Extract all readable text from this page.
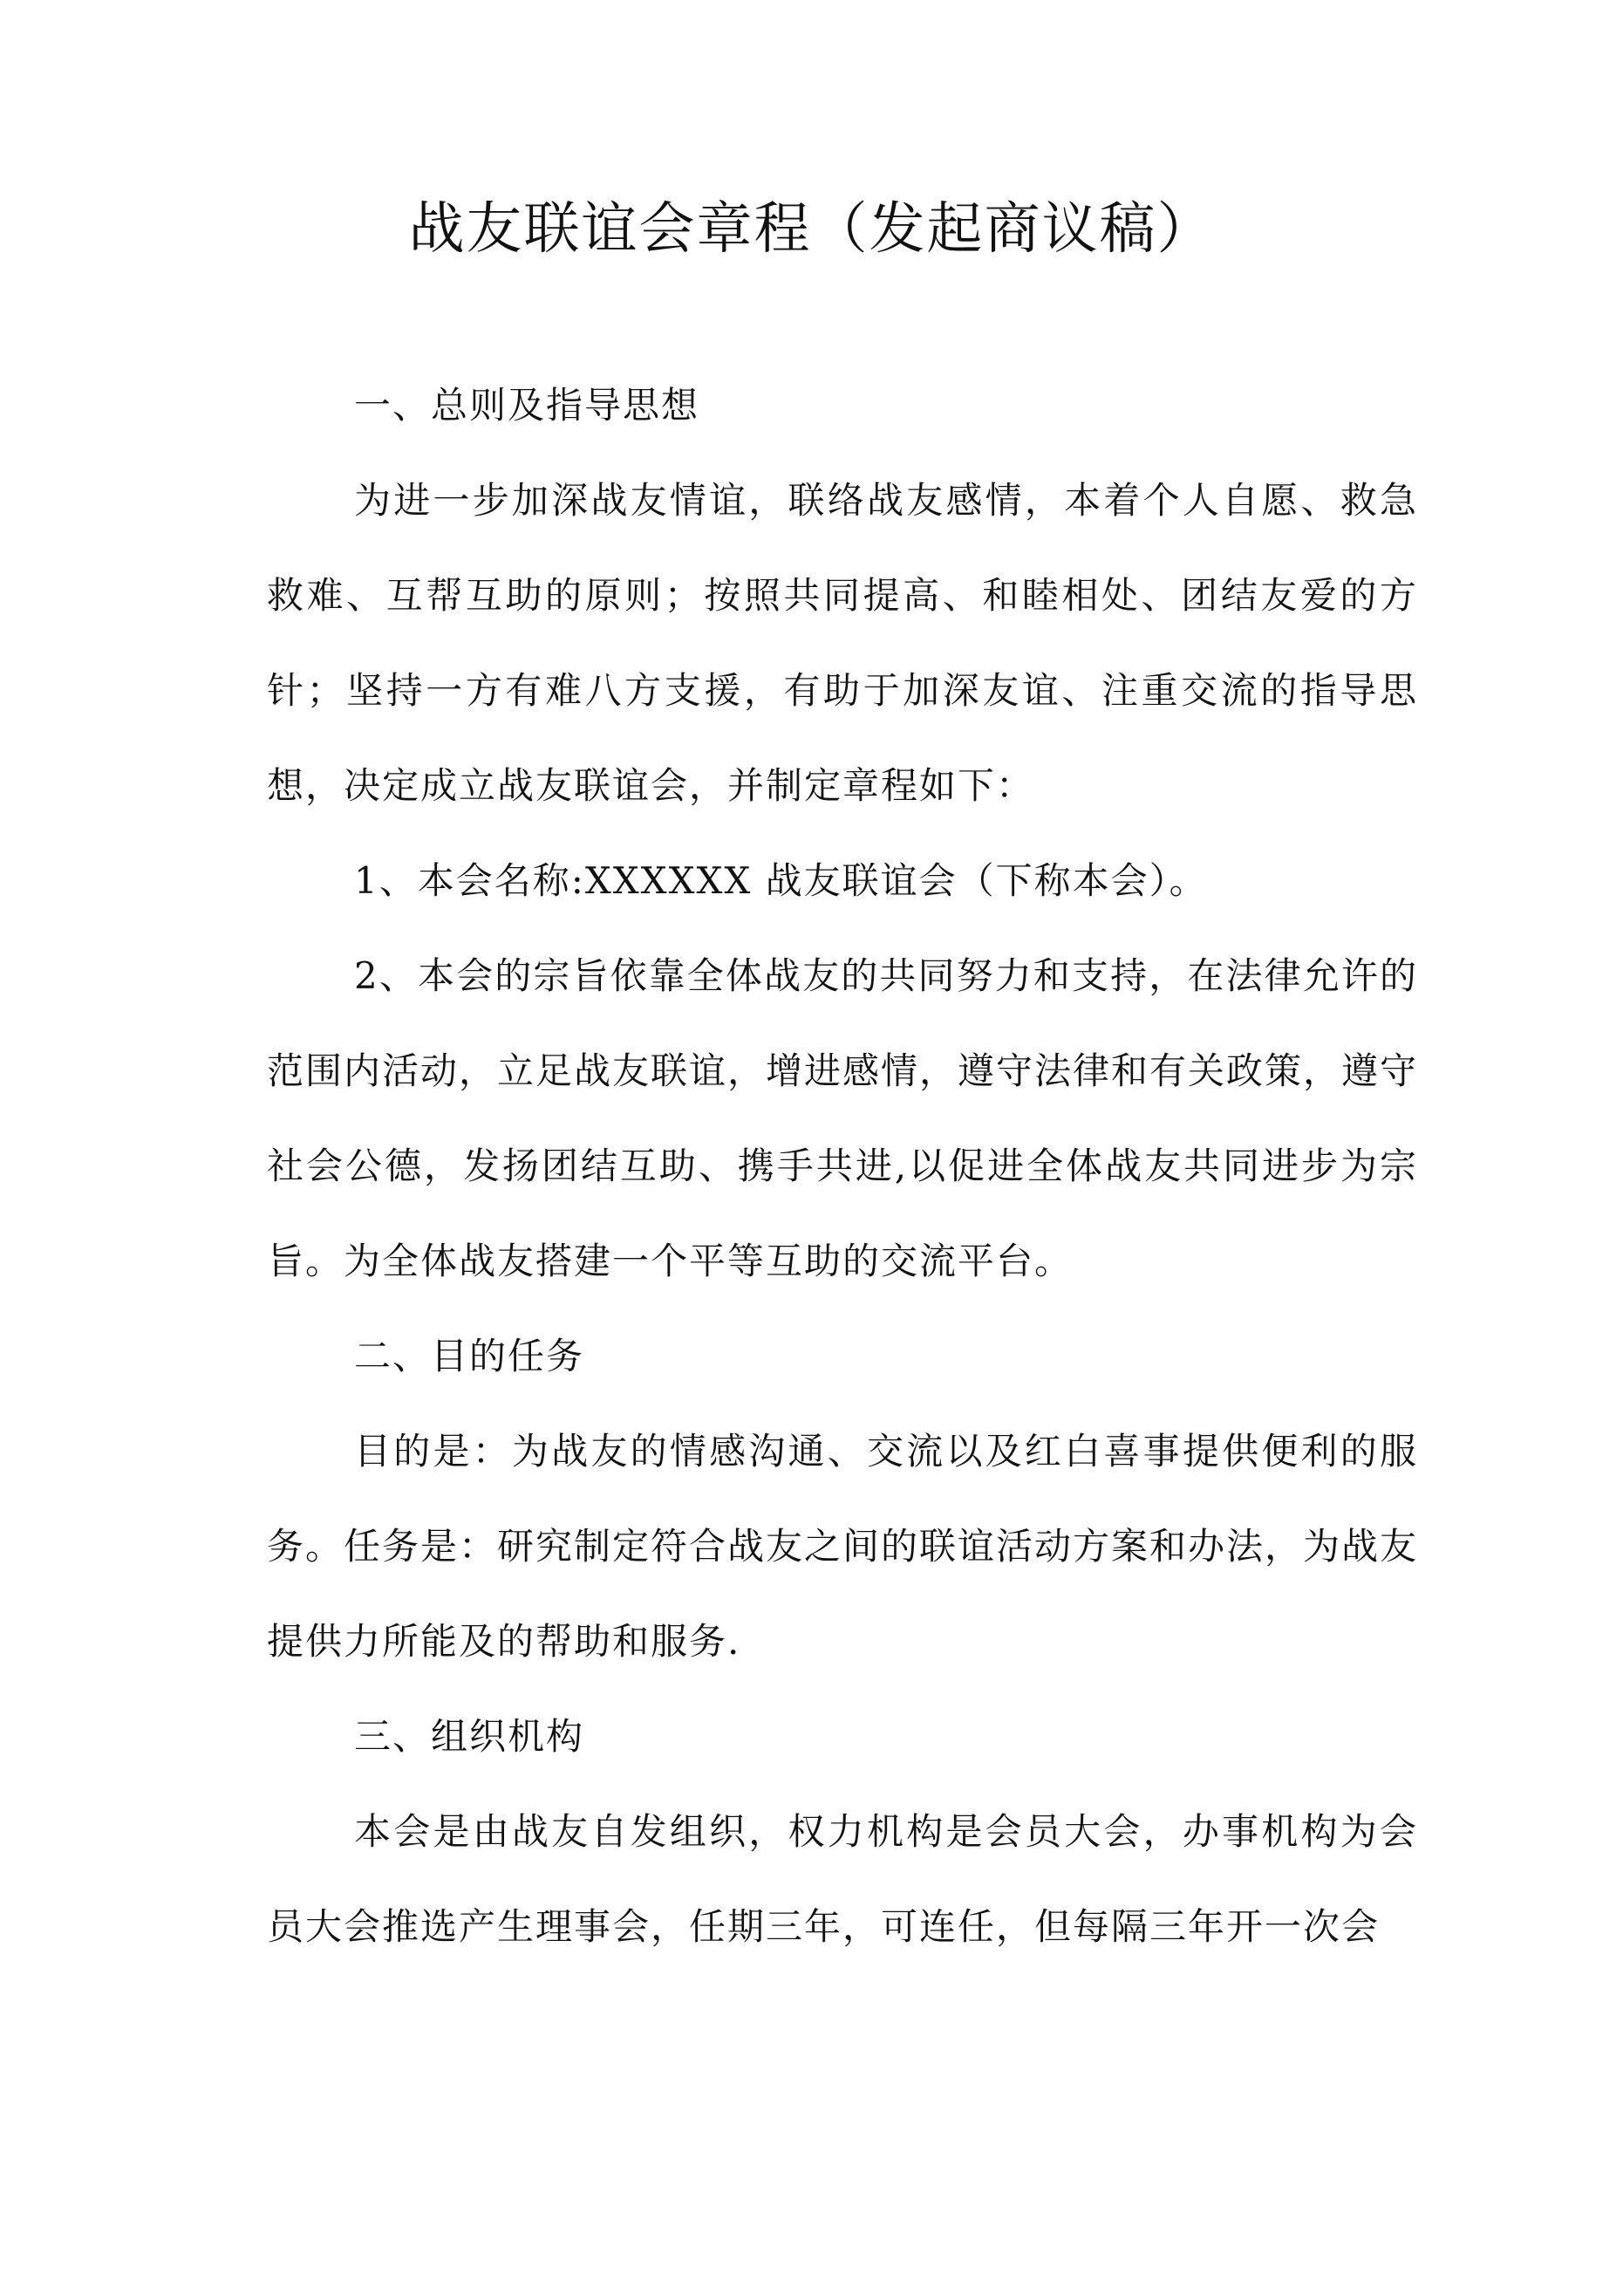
战友联谊会章程（发起商议稿）

一、总则及指导思想

为进一步加深战友情谊，联络战友感情，本着个人自愿、救急救难、互帮互助的原则；按照共同提高、和睦相处、团结友爱的方针；坚持一方有难八方支援，有助于加深友谊、注重交流的指导思想，决定成立战友联谊会，并制定章程如下：

1、本会名称:XXXXXX 战友联谊会（下称本会）。

2、本会的宗旨依靠全体战友的共同努力和支持，在法律允许的范围内活动，立足战友联谊，增进感情，遵守法律和有关政策，遵守社会公德，发扬团结互助、携手共进,以促进全体战友共同进步为宗旨。为全体战友搭建一个平等互助的交流平台。

二、目的任务

目的是：为战友的情感沟通、交流以及红白喜事提供便利的服务。任务是：研究制定符合战友之间的联谊活动方案和办法，为战友提供力所能及的帮助和服务.

三、组织机构

本会是由战友自发组织，权力机构是会员大会，办事机构为会员大会推选产生理事会，任期三年，可连任，但每隔三年开一次会
